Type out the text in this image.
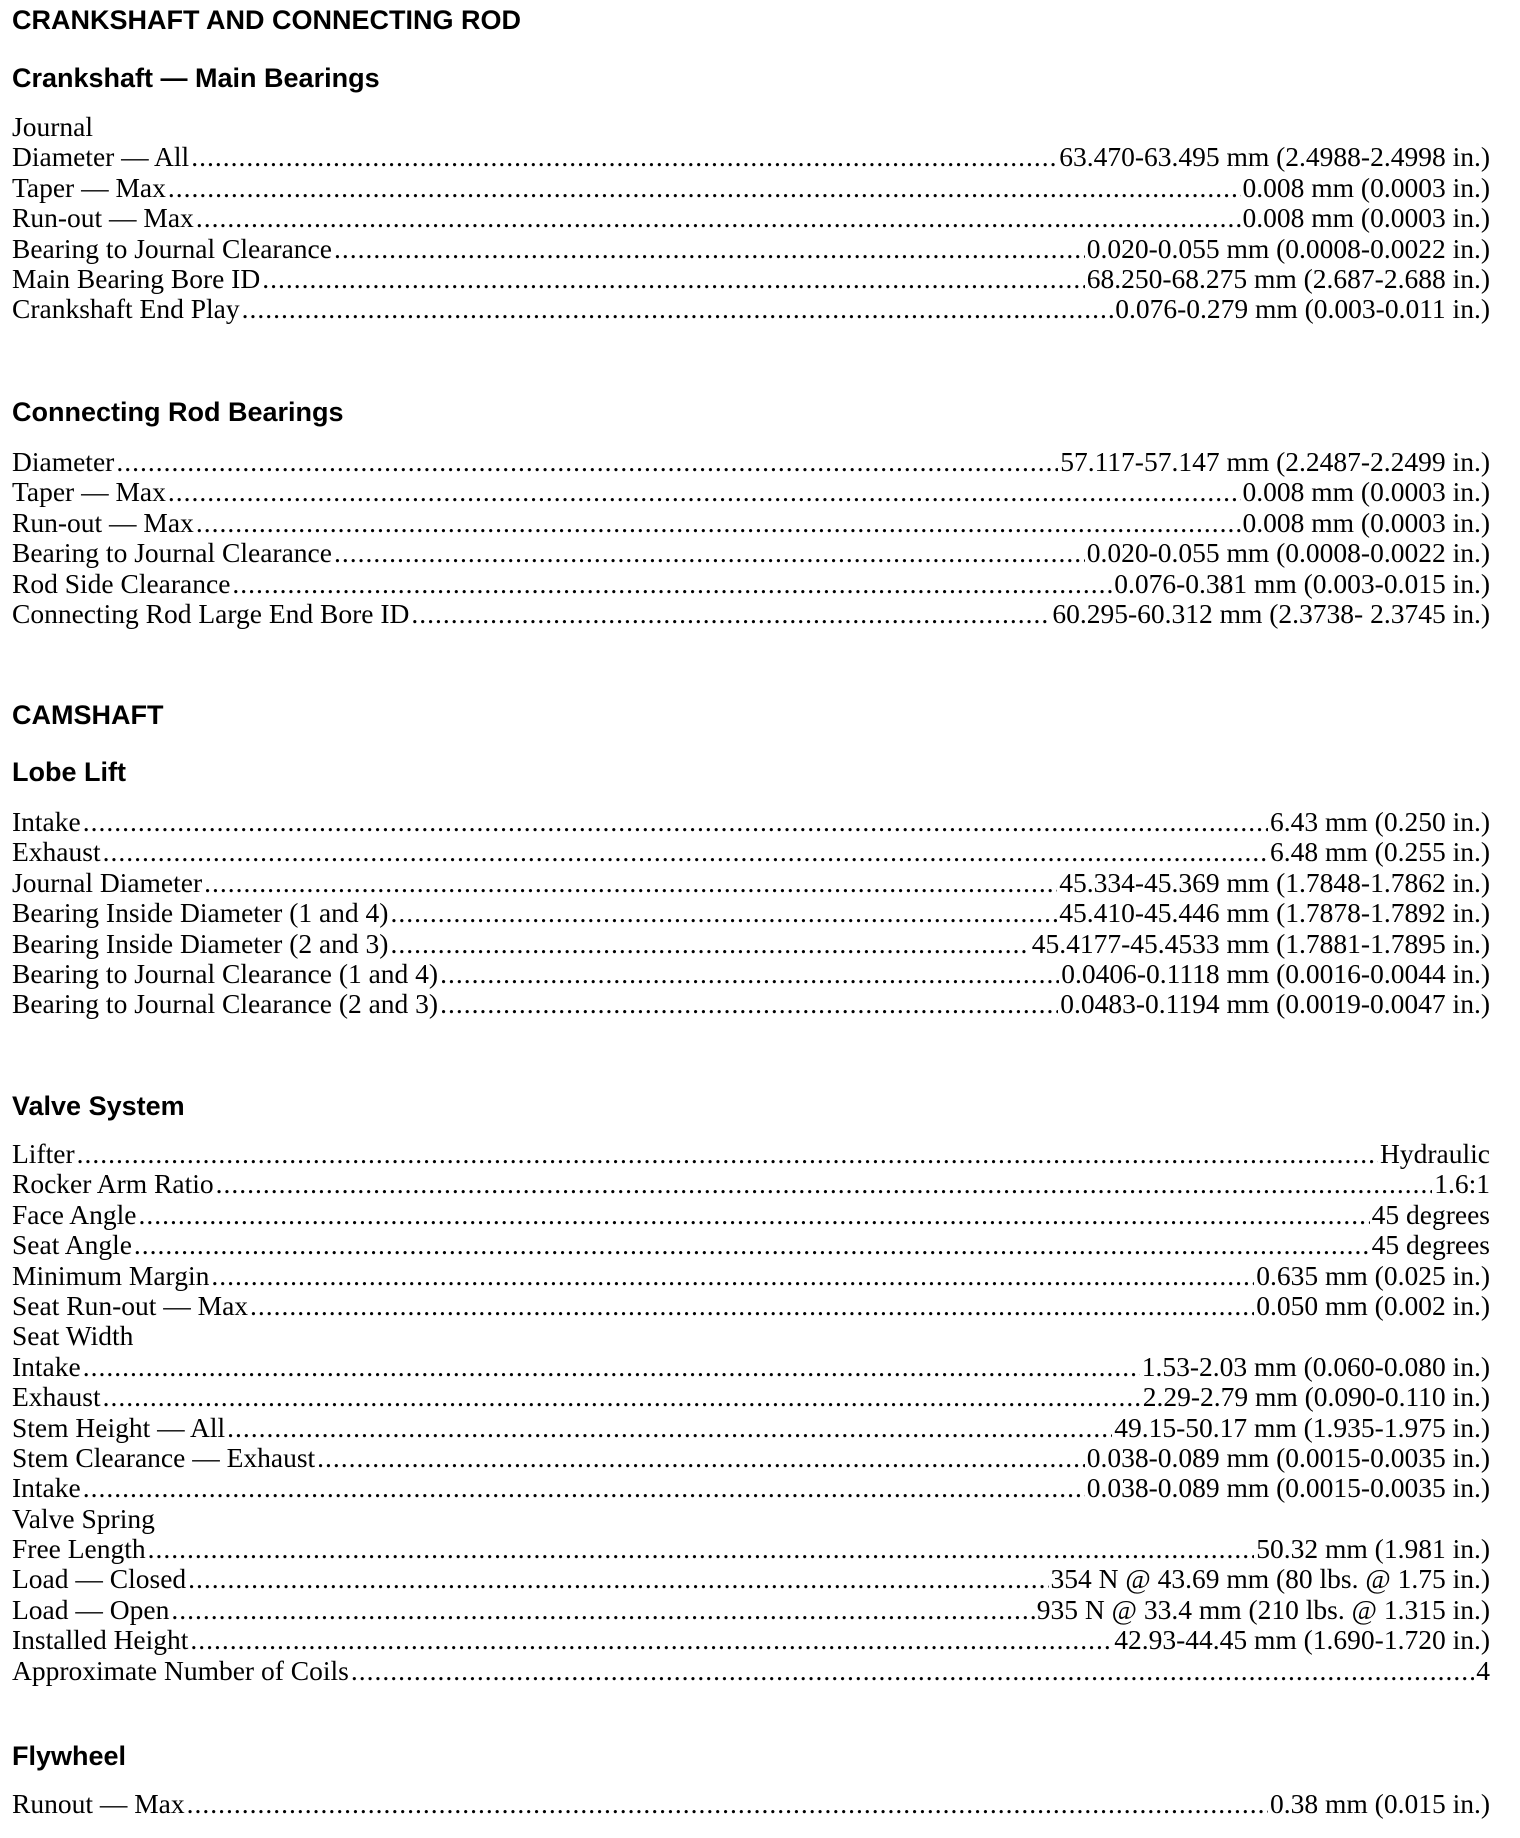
CRANKSHAFT AND CONNECTING ROD
Crankshaft — Main Bearings
Journal
Diameter — All .....	63.470-63.495 mm (2.4988-2.4998 in.)
Taper — Max .....	0.008 mm (0.0003 in.)
Run-out — Max .....	0.008 mm (0.0003 in.)
Bearing to Journal Clearance .....	0.020-0.055 mm (0.0008-0.0022 in.)
Main Bearing Bore ID .....	68.250-68.275 mm (2.687-2.688 in.)
Crankshaft End Play .....	0.076-0.279 mm (0.003-0.011 in.)
Connecting Rod Bearings
Diameter .....	57.117-57.147 mm (2.2487-2.2499 in.)
Taper — Max .....	0.008 mm (0.0003 in.)
Run-out — Max .....	0.008 mm (0.0003 in.)
Bearing to Journal Clearance .....	0.020-0.055 mm (0.0008-0.0022 in.)
Rod Side Clearance .....	0.076-0.381 mm (0.003-0.015 in.)
Connecting Rod Large End Bore ID .....	60.295-60.312 mm (2.3738- 2.3745 in.)
CAMSHAFT
Lobe Lift
Intake .....	6.43 mm (0.250 in.)
Exhaust .....	6.48 mm (0.255 in.)
Journal Diameter .....	45.334-45.369 mm (1.7848-1.7862 in.)
Bearing Inside Diameter (1 and 4) .....	45.410-45.446 mm (1.7878-1.7892 in.)
Bearing Inside Diameter (2 and 3) .....	45.4177-45.4533 mm (1.7881-1.7895 in.)
Bearing to Journal Clearance (1 and 4) .....	0.0406-0.1118 mm (0.0016-0.0044 in.)
Bearing to Journal Clearance (2 and 3) .....	0.0483-0.1194 mm (0.0019-0.0047 in.)
Valve System
Lifter .....	Hydraulic
Rocker Arm Ratio .....	1.6:1
Face Angle .....	45 degrees
Seat Angle .....	45 degrees
Minimum Margin .....	0.635 mm (0.025 in.)
Seat Run-out — Max .....	0.050 mm (0.002 in.)
Seat Width
Intake .....	1.53-2.03 mm (0.060-0.080 in.)
Exhaust .....	2.29-2.79 mm (0.090-0.110 in.)
Stem Height — All .....	49.15-50.17 mm (1.935-1.975 in.)
Stem Clearance — Exhaust .....	0.038-0.089 mm (0.0015-0.0035 in.)
Intake .....	0.038-0.089 mm (0.0015-0.0035 in.)
Valve Spring
Free Length .....	50.32 mm (1.981 in.)
Load — Closed .....	354 N @ 43.69 mm (80 lbs. @ 1.75 in.)
Load — Open .....	935 N @ 33.4 mm (210 lbs. @ 1.315 in.)
Installed Height .....	42.93-44.45 mm (1.690-1.720 in.)
Approximate Number of Coils .....	4
Flywheel
Runout — Max .....	0.38 mm (0.015 in.)
